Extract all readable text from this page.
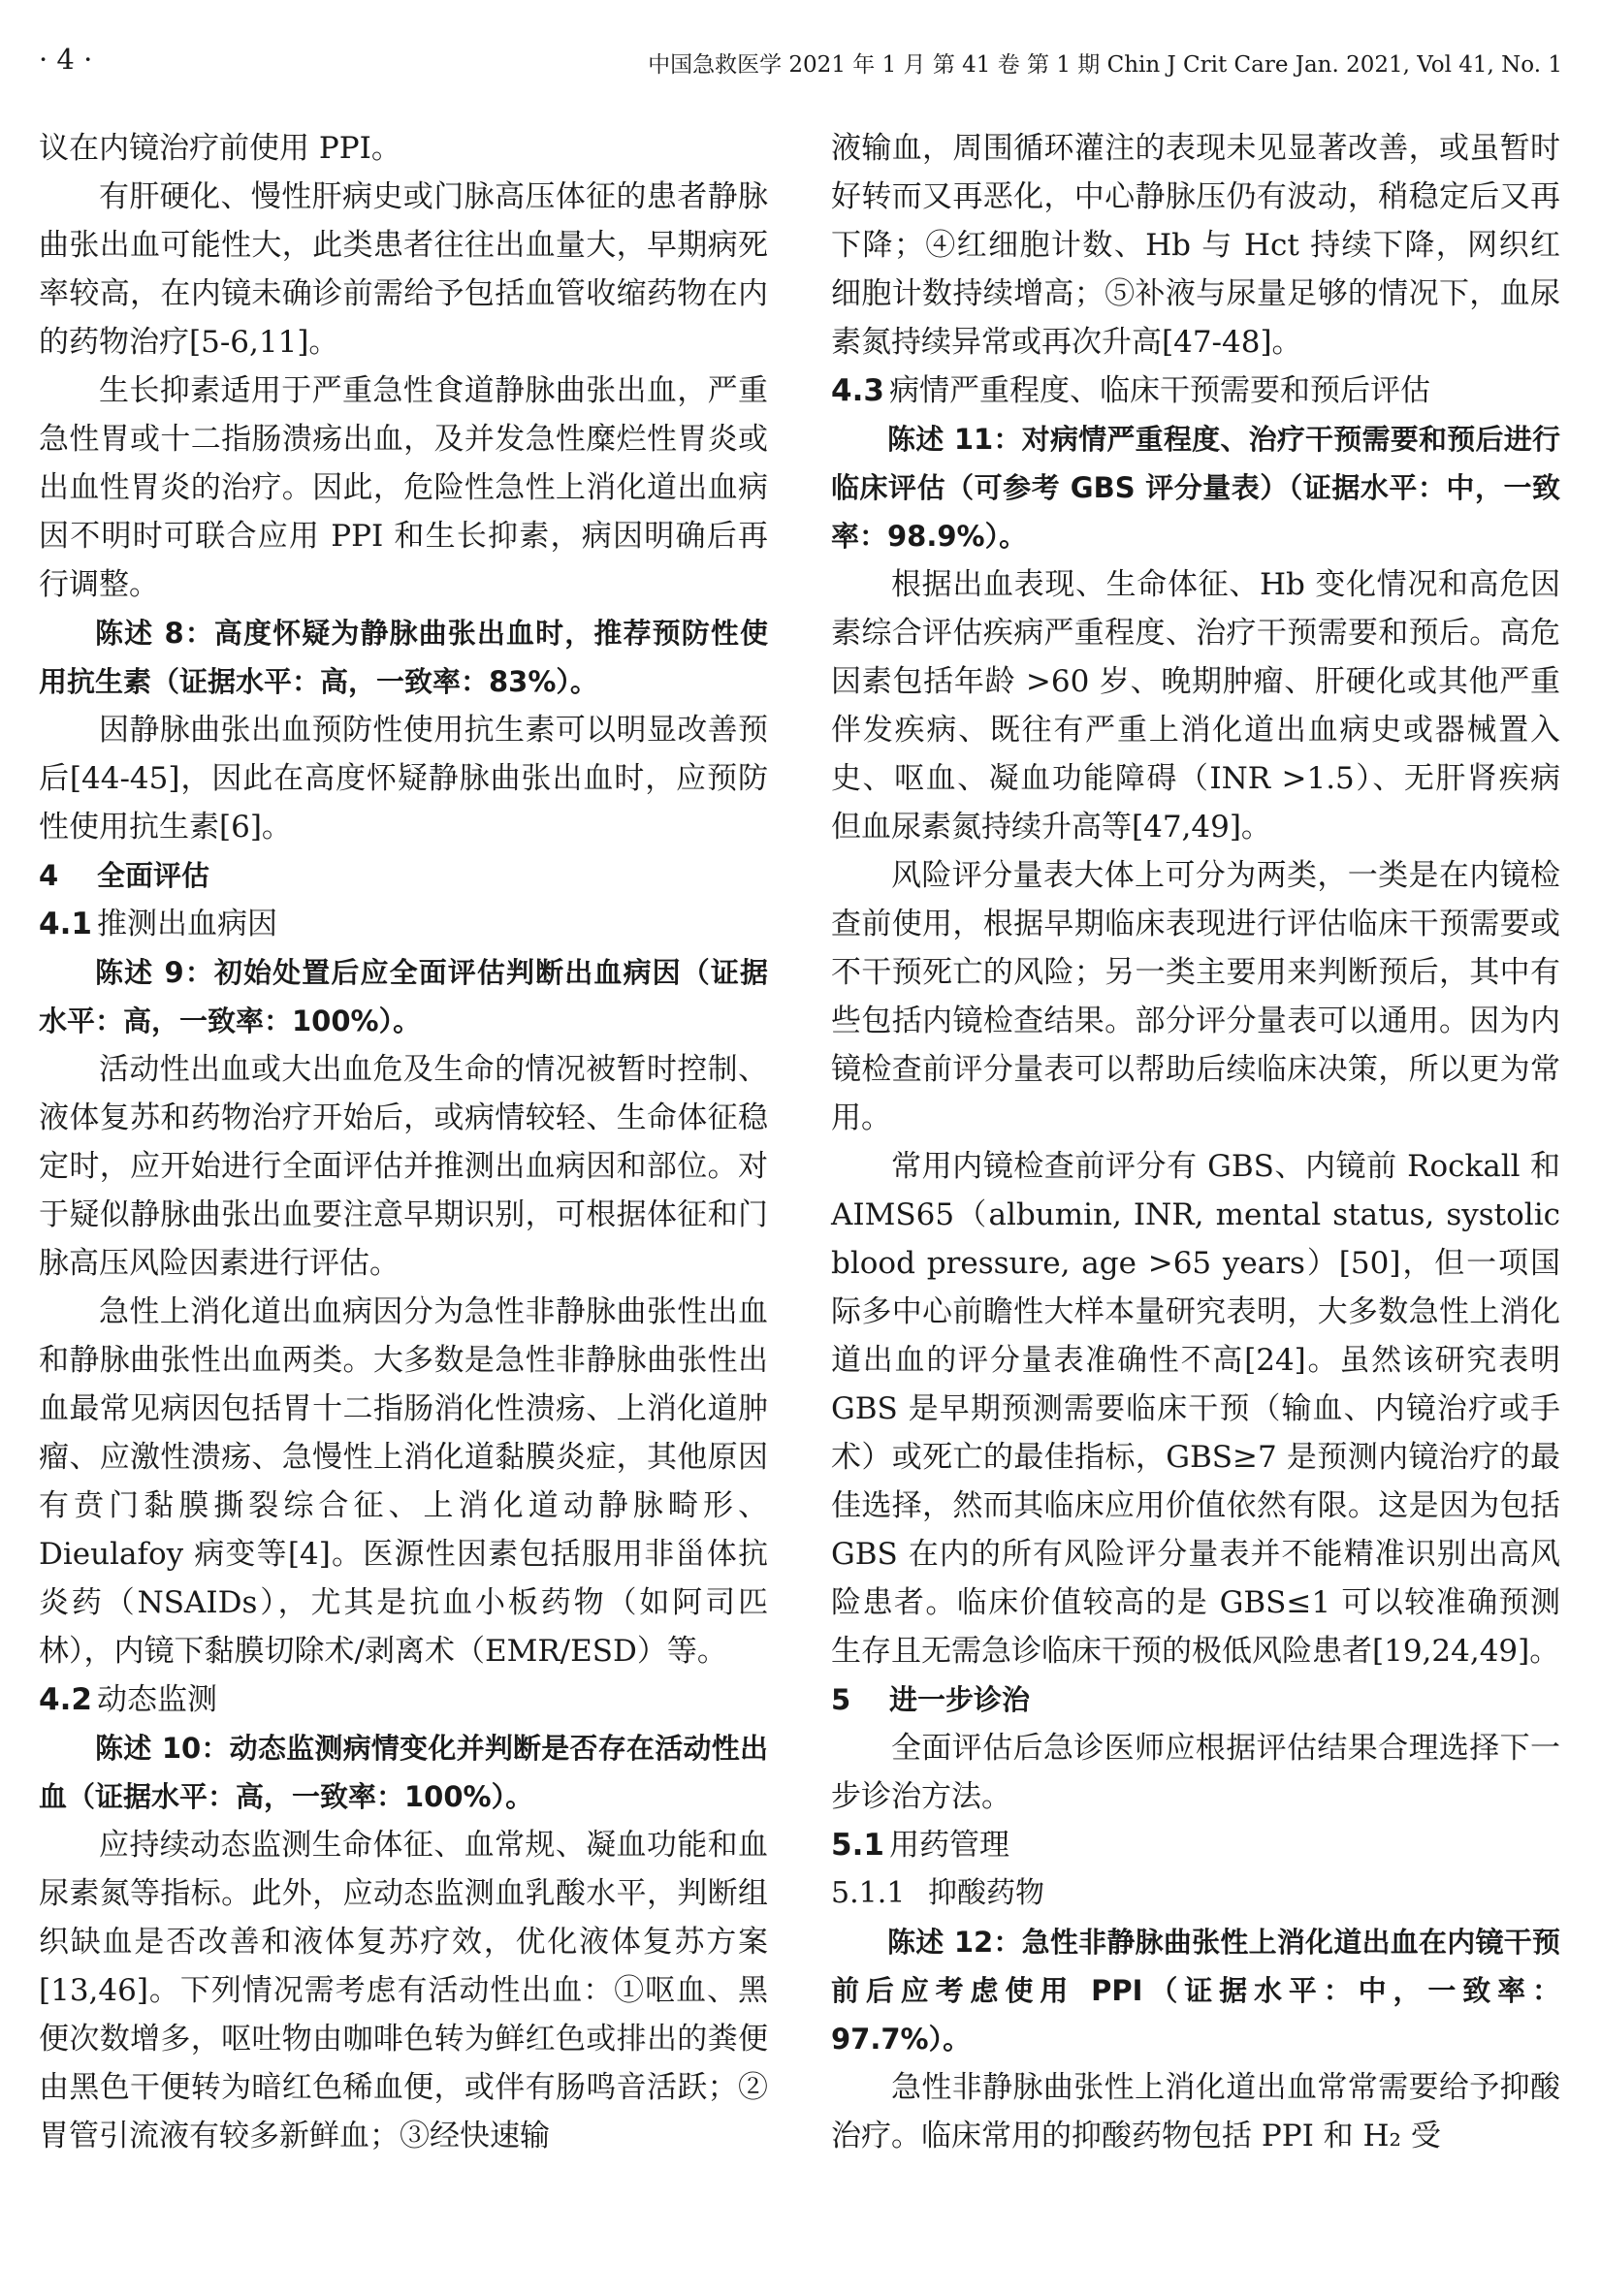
· 4 ·	中国急救医学 2021 年 1 月 第 41 卷 第 1 期 Chin J Crit Care Jan. 2021, Vol 41, No. 1

议在内镜治疗前使用 PPI。

有肝硬化、慢性肝病史或门脉高压体征的患者静脉曲张出血可能性大，此类患者往往出血量大，早期病死率较高，在内镜未确诊前需给予包括血管收缩药物在内的药物治疗[5-6,11]。

生长抑素适用于严重急性食道静脉曲张出血，严重急性胃或十二指肠溃疡出血，及并发急性糜烂性胃炎或出血性胃炎的治疗。因此，危险性急性上消化道出血病因不明时可联合应用 PPI 和生长抑素，病因明确后再行调整。

陈述 8：高度怀疑为静脉曲张出血时，推荐预防性使用抗生素（证据水平：高，一致率：83%）。

因静脉曲张出血预防性使用抗生素可以明显改善预后[44-45]，因此在高度怀疑静脉曲张出血时，应预防性使用抗生素[6]。

4 全面评估

4.1 推测出血病因

陈述 9：初始处置后应全面评估判断出血病因（证据水平：高，一致率：100%）。

活动性出血或大出血危及生命的情况被暂时控制、液体复苏和药物治疗开始后，或病情较轻、生命体征稳定时，应开始进行全面评估并推测出血病因和部位。对于疑似静脉曲张出血要注意早期识别，可根据体征和门脉高压风险因素进行评估。

急性上消化道出血病因分为急性非静脉曲张性出血和静脉曲张性出血两类。大多数是急性非静脉曲张性出血最常见病因包括胃十二指肠消化性溃疡、上消化道肿瘤、应激性溃疡、急慢性上消化道黏膜炎症，其他原因有贲门黏膜撕裂综合征、上消化道动静脉畸形、Dieulafoy 病变等[4]。医源性因素包括服用非甾体抗炎药（NSAIDs），尤其是抗血小板药物（如阿司匹林），内镜下黏膜切除术/剥离术（EMR/ESD）等。

4.2 动态监测

陈述 10：动态监测病情变化并判断是否存在活动性出血（证据水平：高，一致率：100%）。

应持续动态监测生命体征、血常规、凝血功能和血尿素氮等指标。此外，应动态监测血乳酸水平，判断组织缺血是否改善和液体复苏疗效，优化液体复苏方案[13,46]。下列情况需考虑有活动性出血：①呕血、黑便次数增多，呕吐物由咖啡色转为鲜红色或排出的粪便由黑色干便转为暗红色稀血便，或伴有肠鸣音活跃；②胃管引流液有较多新鲜血；③经快速输

液输血，周围循环灌注的表现未见显著改善，或虽暂时好转而又再恶化，中心静脉压仍有波动，稍稳定后又再下降；④红细胞计数、Hb 与 Hct 持续下降，网织红细胞计数持续增高；⑤补液与尿量足够的情况下，血尿素氮持续异常或再次升高[47-48]。

4.3 病情严重程度、临床干预需要和预后评估

陈述 11：对病情严重程度、治疗干预需要和预后进行临床评估（可参考 GBS 评分量表）（证据水平：中，一致率：98.9%）。

根据出血表现、生命体征、Hb 变化情况和高危因素综合评估疾病严重程度、治疗干预需要和预后。高危因素包括年龄 >60 岁、晚期肿瘤、肝硬化或其他严重伴发疾病、既往有严重上消化道出血病史或器械置入史、呕血、凝血功能障碍（INR >1.5）、无肝肾疾病但血尿素氮持续升高等[47,49]。

风险评分量表大体上可分为两类，一类是在内镜检查前使用，根据早期临床表现进行评估临床干预需要或不干预死亡的风险；另一类主要用来判断预后，其中有些包括内镜检查结果。部分评分量表可以通用。因为内镜检查前评分量表可以帮助后续临床决策，所以更为常用。

常用内镜检查前评分有 GBS、内镜前 Rockall 和 AIMS65（albumin, INR, mental status, systolic blood pressure, age >65 years）[50]，但一项国际多中心前瞻性大样本量研究表明，大多数急性上消化道出血的评分量表准确性不高[24]。虽然该研究表明 GBS 是早期预测需要临床干预（输血、内镜治疗或手术）或死亡的最佳指标，GBS≥7 是预测内镜治疗的最佳选择，然而其临床应用价值依然有限。这是因为包括 GBS 在内的所有风险评分量表并不能精准识别出高风险患者。临床价值较高的是 GBS≤1 可以较准确预测生存且无需急诊临床干预的极低风险患者[19,24,49]。

5 进一步诊治

全面评估后急诊医师应根据评估结果合理选择下一步诊治方法。

5.1 用药管理

5.1.1 抑酸药物

陈述 12：急性非静脉曲张性上消化道出血在内镜干预前后应考虑使用 PPI（证据水平：中，一致率：97.7%）。

急性非静脉曲张性上消化道出血常常需要给予抑酸治疗。临床常用的抑酸药物包括 PPI 和 H₂ 受
